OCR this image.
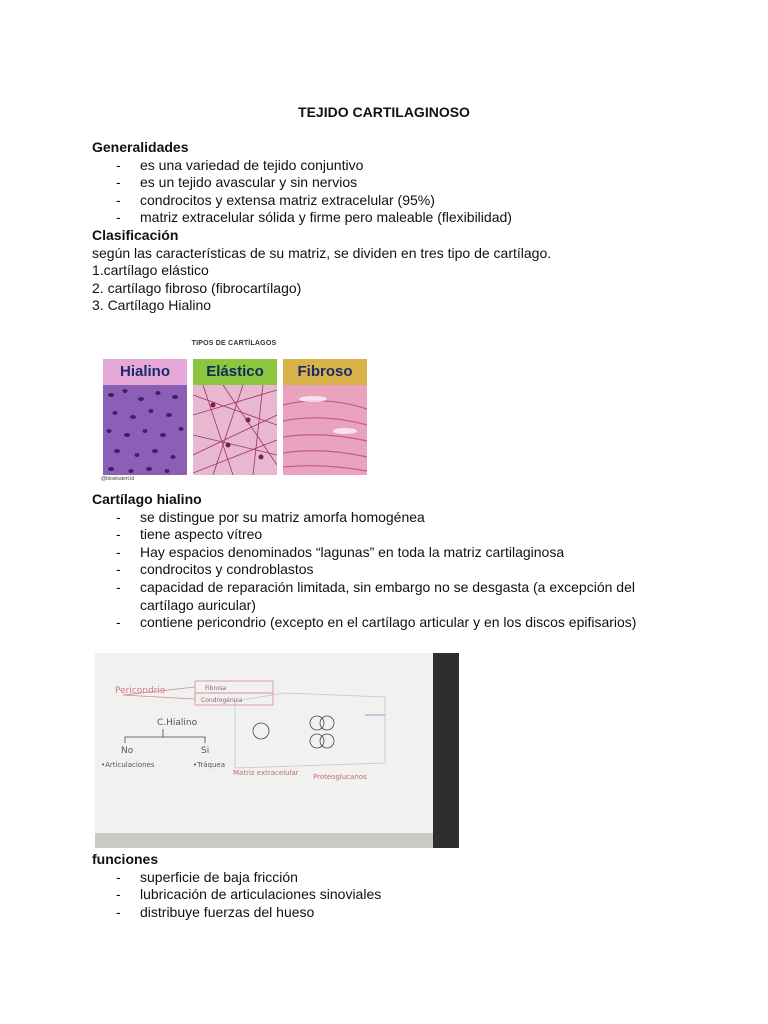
TEJIDO CARTILAGINOSO
Generalidades
- es una variedad de tejido conjuntivo
- es un tejido avascular y sin nervios
- condrocitos y extensa matriz extracelular (95%)
- matriz extracelular sólida y firme pero maleable (flexibilidad)
Clasificación
según las características de su matriz, se dividen en tres tipo de cartílago.
1.cartílago elástico
2. cartílago fibroso (fibrocartílago)
3. Cartílago Hialino
TIPOS DE CARTÍLAGOS
Hialino	Elástico	Fibroso
@biosikatert.ld
Cartílago hialino
- se distingue por su matriz amorfa homogénea
- tiene aspecto vítreo
- Hay espacios denominados “lagunas” en toda la matriz cartilaginosa
- condrocitos y condroblastos
- capacidad de reparación limitada, sin embargo no se desgasta (a excepción del cartílago auricular)
- contiene pericondrio (excepto en el cartílago articular y en los discos epifisarios)
Pericondrio	Fibrosa
Condrogénica
C.Hialino
No	Si
•Articulaciones	•Tráquea
Matriz extracelular Proteoglucanos
funciones
- superficie de baja fricción
- lubricación de articulaciones sinoviales
- distribuye fuerzas del hueso
